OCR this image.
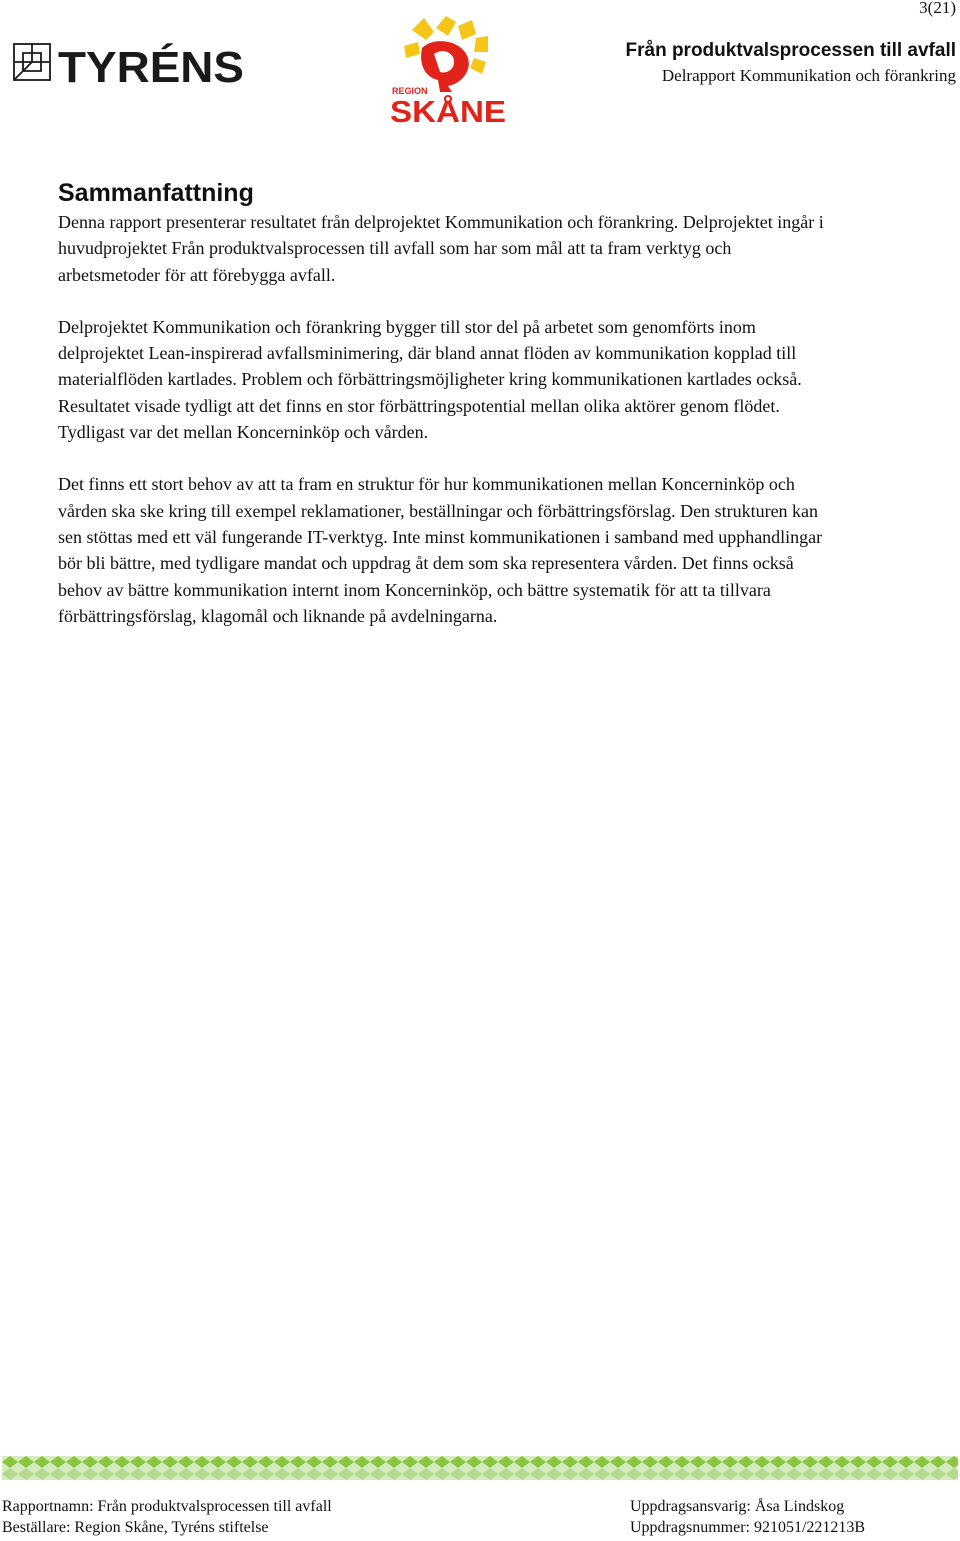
3(21)
TYRÉNS	REGION
SKÅNE
Från produktvalsprocessen till avfall
Delrapport Kommunikation och förankring
Sammanfattning

Denna rapport presenterar resultatet från delprojektet Kommunikation och förankring. Delprojektet ingår i huvudprojektet Från produktvalsprocessen till avfall som har som mål att ta fram verktyg och arbetsmetoder för att förebygga avfall.

Delprojektet Kommunikation och förankring bygger till stor del på arbetet som genomförts inom delprojektet Lean-inspirerad avfallsminimering, där bland annat flöden av kommunikation kopplad till materialflöden kartlades. Problem och förbättringsmöjligheter kring kommunikationen kartlades också. Resultatet visade tydligt att det finns en stor förbättringspotential mellan olika aktörer genom flödet. Tydligast var det mellan Koncerninköp och vården.

Det finns ett stort behov av att ta fram en struktur för hur kommunikationen mellan Koncerninköp och vården ska ske kring till exempel reklamationer, beställningar och förbättringsförslag. Den strukturen kan sen stöttas med ett väl fungerande IT-verktyg. Inte minst kommunikationen i samband med upphandlingar bör bli bättre, med tydligare mandat och uppdrag åt dem som ska representera vården. Det finns också behov av bättre kommunikation internt inom Koncerninköp, och bättre systematik för att ta tillvara förbättringsförslag, klagomål och liknande på avdelningarna.

Rapportnamn: Från produktvalsprocessen till avfall
Beställare: Region Skåne, Tyréns stiftelse
Uppdragsansvarig: Åsa Lindskog
Uppdragsnummer: 921051/221213B
